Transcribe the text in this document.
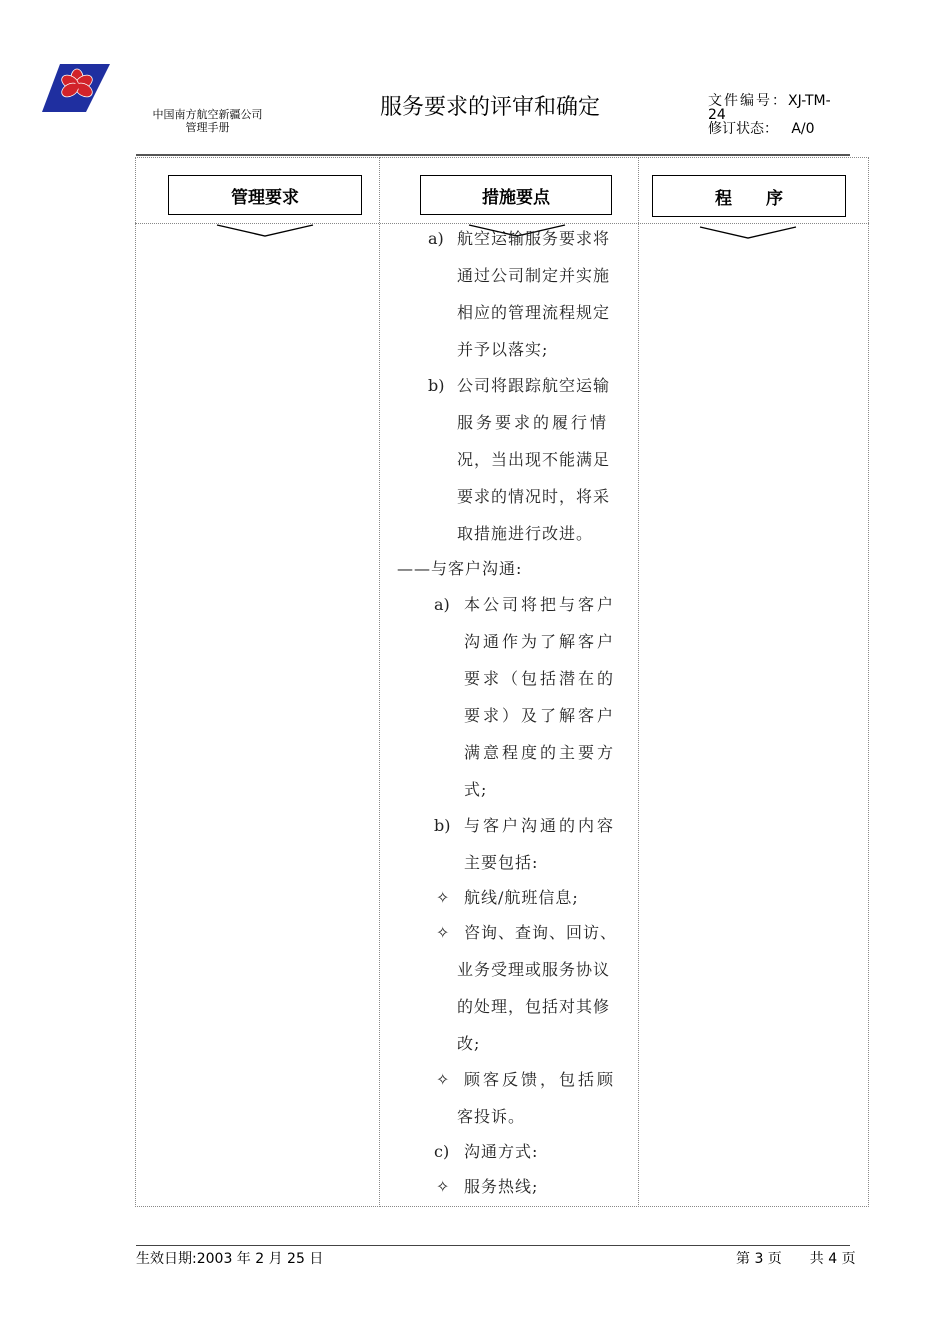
中国南方航空新疆公司
管理手册
服务要求的评审和确定	文件编号：XJ-TM-
24
修订状态： A/0
管理要求	措施要点	程　　序
a) 航空运输服务要求将
通过公司制定并实施
相应的管理流程规定
并予以落实;
b) 公司将跟踪航空运输
服务要求的履行情
况，当出现不能满足
要求的情况时，将采
取措施进行改进。
——与客户沟通:
a) 本公司将把与客户
沟通作为了解客户
要求（包括潜在的
要求）及了解客户
满意程度的主要方
式;
b) 与客户沟通的内容
主要包括:
✧ 航线/航班信息;
✧ 咨询、查询、回访、
业务受理或服务协议
的处理，包括对其修
改;
✧ 顾客反馈，包括顾
客投诉。
c) 沟通方式:
✧ 服务热线;
生效日期:2003 年 2 月 25 日	第 3 页　　共 4 页
